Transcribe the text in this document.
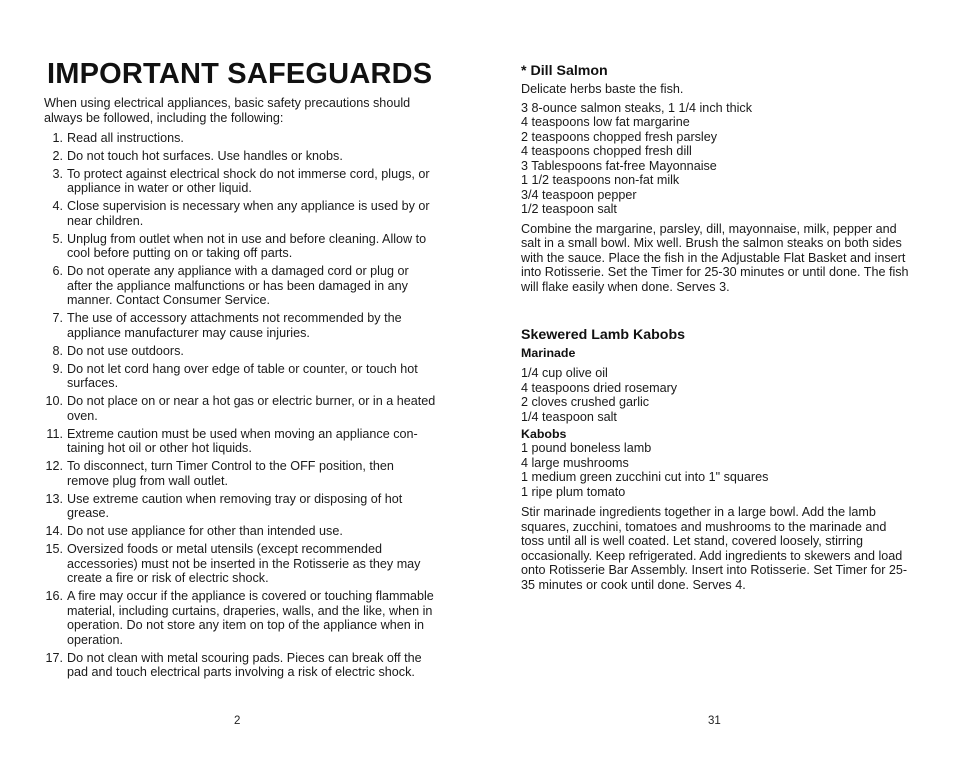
IMPORTANT SAFEGUARDS

When using electrical appliances, basic safety precautions should always be followed, including the following:

1. Read all instructions.
2. Do not touch hot surfaces. Use handles or knobs.
3. To protect against electrical shock do not immerse cord, plugs, or appliance in water or other liquid.
4. Close supervision is necessary when any appliance is used by or near children.
5. Unplug from outlet when not in use and before cleaning. Allow to cool before putting on or taking off parts.
6. Do not operate any appliance with a damaged cord or plug or after the appliance malfunctions or has been damaged in any manner. Contact Consumer Service.
7. The use of accessory attachments not recommended by the appliance manufacturer may cause injuries.
8. Do not use outdoors.
9. Do not let cord hang over edge of table or counter, or touch hot surfaces.
10. Do not place on or near a hot gas or electric burner, or in a heated oven.
11. Extreme caution must be used when moving an appliance con-taining hot oil or other hot liquids.
12. To disconnect, turn Timer Control to the OFF position, then remove plug from wall outlet.
13. Use extreme caution when removing tray or disposing of hot grease.
14. Do not use appliance for other than intended use.
15. Oversized foods or metal utensils (except recommended accessories) must not be inserted in the Rotisserie as they may create a fire or risk of electric shock.
16. A fire may occur if the appliance is covered or touching flammable material, including curtains, draperies, walls, and the like, when in operation. Do not store any item on top of the appliance when in operation.
17. Do not clean with metal scouring pads. Pieces can break off the pad and touch electrical parts involving a risk of electric shock.
2
* Dill Salmon

Delicate herbs baste the fish.

3 8-ounce salmon steaks, 1 1/4 inch thick

4 teaspoons low fat margarine

2 teaspoons chopped fresh parsley

4 teaspoons chopped fresh dill

3 Tablespoons fat-free Mayonnaise

1 1/2 teaspoons non-fat milk

3/4 teaspoon pepper

1/2 teaspoon salt

Combine the margarine, parsley, dill, mayonnaise, milk, pepper and salt in a small bowl. Mix well. Brush the salmon steaks on both sides with the sauce. Place the fish in the Adjustable Flat Basket and insert into Rotisserie. Set the Timer for 25-30 minutes or until done. The fish will flake easily when done. Serves 3.

Skewered Lamb Kabobs
Marinade

1/4 cup olive oil

4 teaspoons dried rosemary

2 cloves crushed garlic

1/4 teaspoon salt

Kabobs

1 pound boneless lamb

4 large mushrooms

1 medium green zucchini cut into 1" squares

1 ripe plum tomato

Stir marinade ingredients together in a large bowl. Add the lamb squares, zucchini, tomatoes and mushrooms to the marinade and toss until all is well coated. Let stand, covered loosely, stirring occasionally. Keep refrigerated. Add ingredients to skewers and load onto Rotisserie Bar Assembly. Insert into Rotisserie. Set Timer for 25-35 minutes or cook until done. Serves 4.

31
